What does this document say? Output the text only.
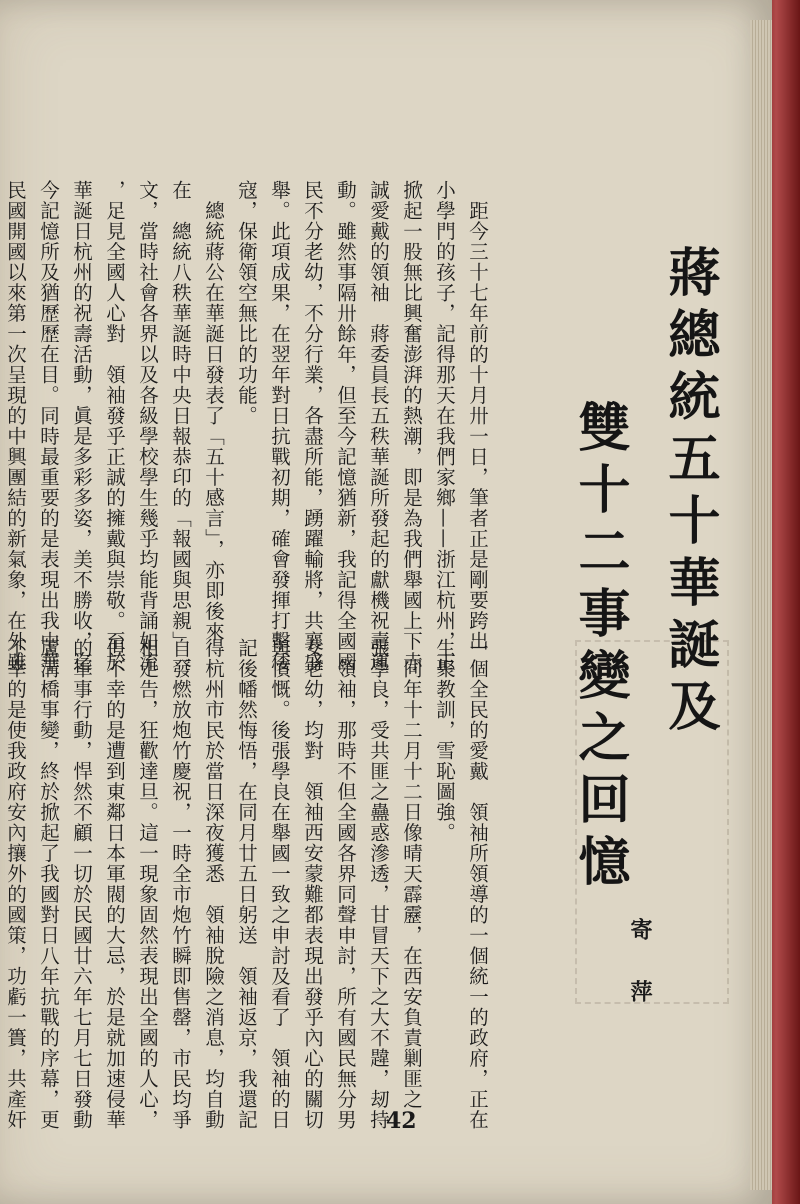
蔣總統五十華誕及
雙十二事變之回憶
寄萍
　距今三十七年前的十月卅一日，筆者正是剛要跨出
小學門的孩子，記得那天在我們家鄉——浙江杭州，正
掀起一股無比興奮澎湃的熱潮，即是為我們舉國上下赤
誠愛戴的領袖　蔣委員長五秩華誕所發起的獻機祝壽運
動。雖然事隔卅餘年，但至今記憶猶新，我記得全國國
民不分老幼，不分行業，各盡所能，踴躍輸將，共襄盛
舉。此項成果，在翌年對日抗戰初期，確會發揮打擊倭
寇，保衛領空無比的功能。
　總統蔣公在華誕日發表了「五十感言」，亦即後來
在　總統八秩華誕時中央日報恭印的「報國與思親」一
文，當時社會各界以及各級學校學生幾乎均能背誦如流
，足見全國人心對　領袖發乎正誠的擁戴與崇敬。至於
華誕日杭州的祝壽活動，眞是多彩多姿，美不勝收，迄
今記憶所及猶歷歷在目。同時最重要的是表現出我中華
民國開國以來第一次呈現的中興團結的新氣象，在外雖
一個全民的愛戴　領袖所領導的一個統一的政府，正在
生聚教訓，雪恥圖強。
　同年十二月十二日像晴天霹靂，在西安負責剿匪之
張學良，受共匪之蠱惑滲透，甘冒天下之大不韙，刼持
　領袖，那時不但全國各界同聲申討，所有國民無分男
女老幼，均對　領袖西安蒙難都表現出發乎內心的關切
與憤慨。後張學良在舉國一致之申討及看了　領袖的日
記後幡然悔悟，在同月廿五日躬送　領袖返京，我還記
得杭州市民於當日深夜獲悉　領袖脫險之消息，均自動
自發燃放炮竹慶祝，一時全市炮竹瞬即售罄，市民均爭
相走告，狂歡達旦。這一現象固然表現出全國的人心，
但不幸的是遭到東鄰日本軍閥的大忌，於是就加速侵華
的軍事行動，悍然不顧一切於民國廿六年七月七日發動
蘆溝橋事變，終於掀起了我國對日八年抗戰的序幕，更
不幸的是使我政府安內攘外的國策，功虧一簣，共產奸	42
